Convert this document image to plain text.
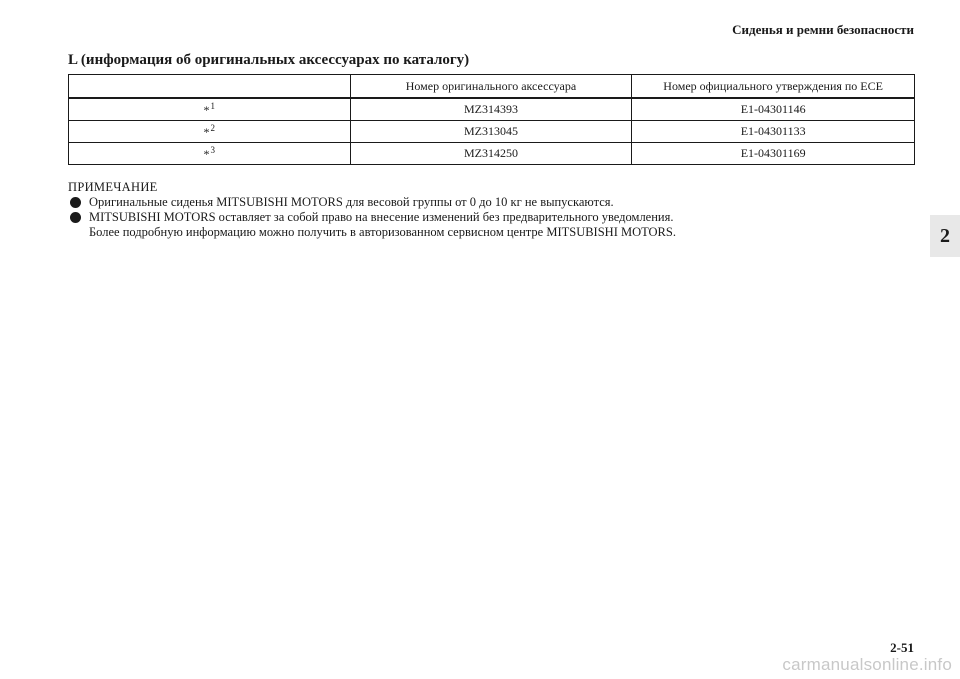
Сиденья и ремни безопасности
L (информация об оригинальных аксессуарах по каталогу)
	Номер оригинального аксессуара	Номер официального утверждения по ECE
*$^1$	MZ314393	E1-04301146
*$^2$	MZ313045	E1-04301133
*$^3$	MZ314250	E1-04301169
ПРИМЕЧАНИЕ
Оригинальные сиденья MITSUBISHI MOTORS для весовой группы от 0 до 10 кг не выпускаются.
MITSUBISHI MOTORS оставляет за собой право на внесение изменений без предварительного уведомления.
Более подробную информацию можно получить в авторизованном сервисном центре MITSUBISHI MOTORS.	2
2-51
carmanualsonline.info
